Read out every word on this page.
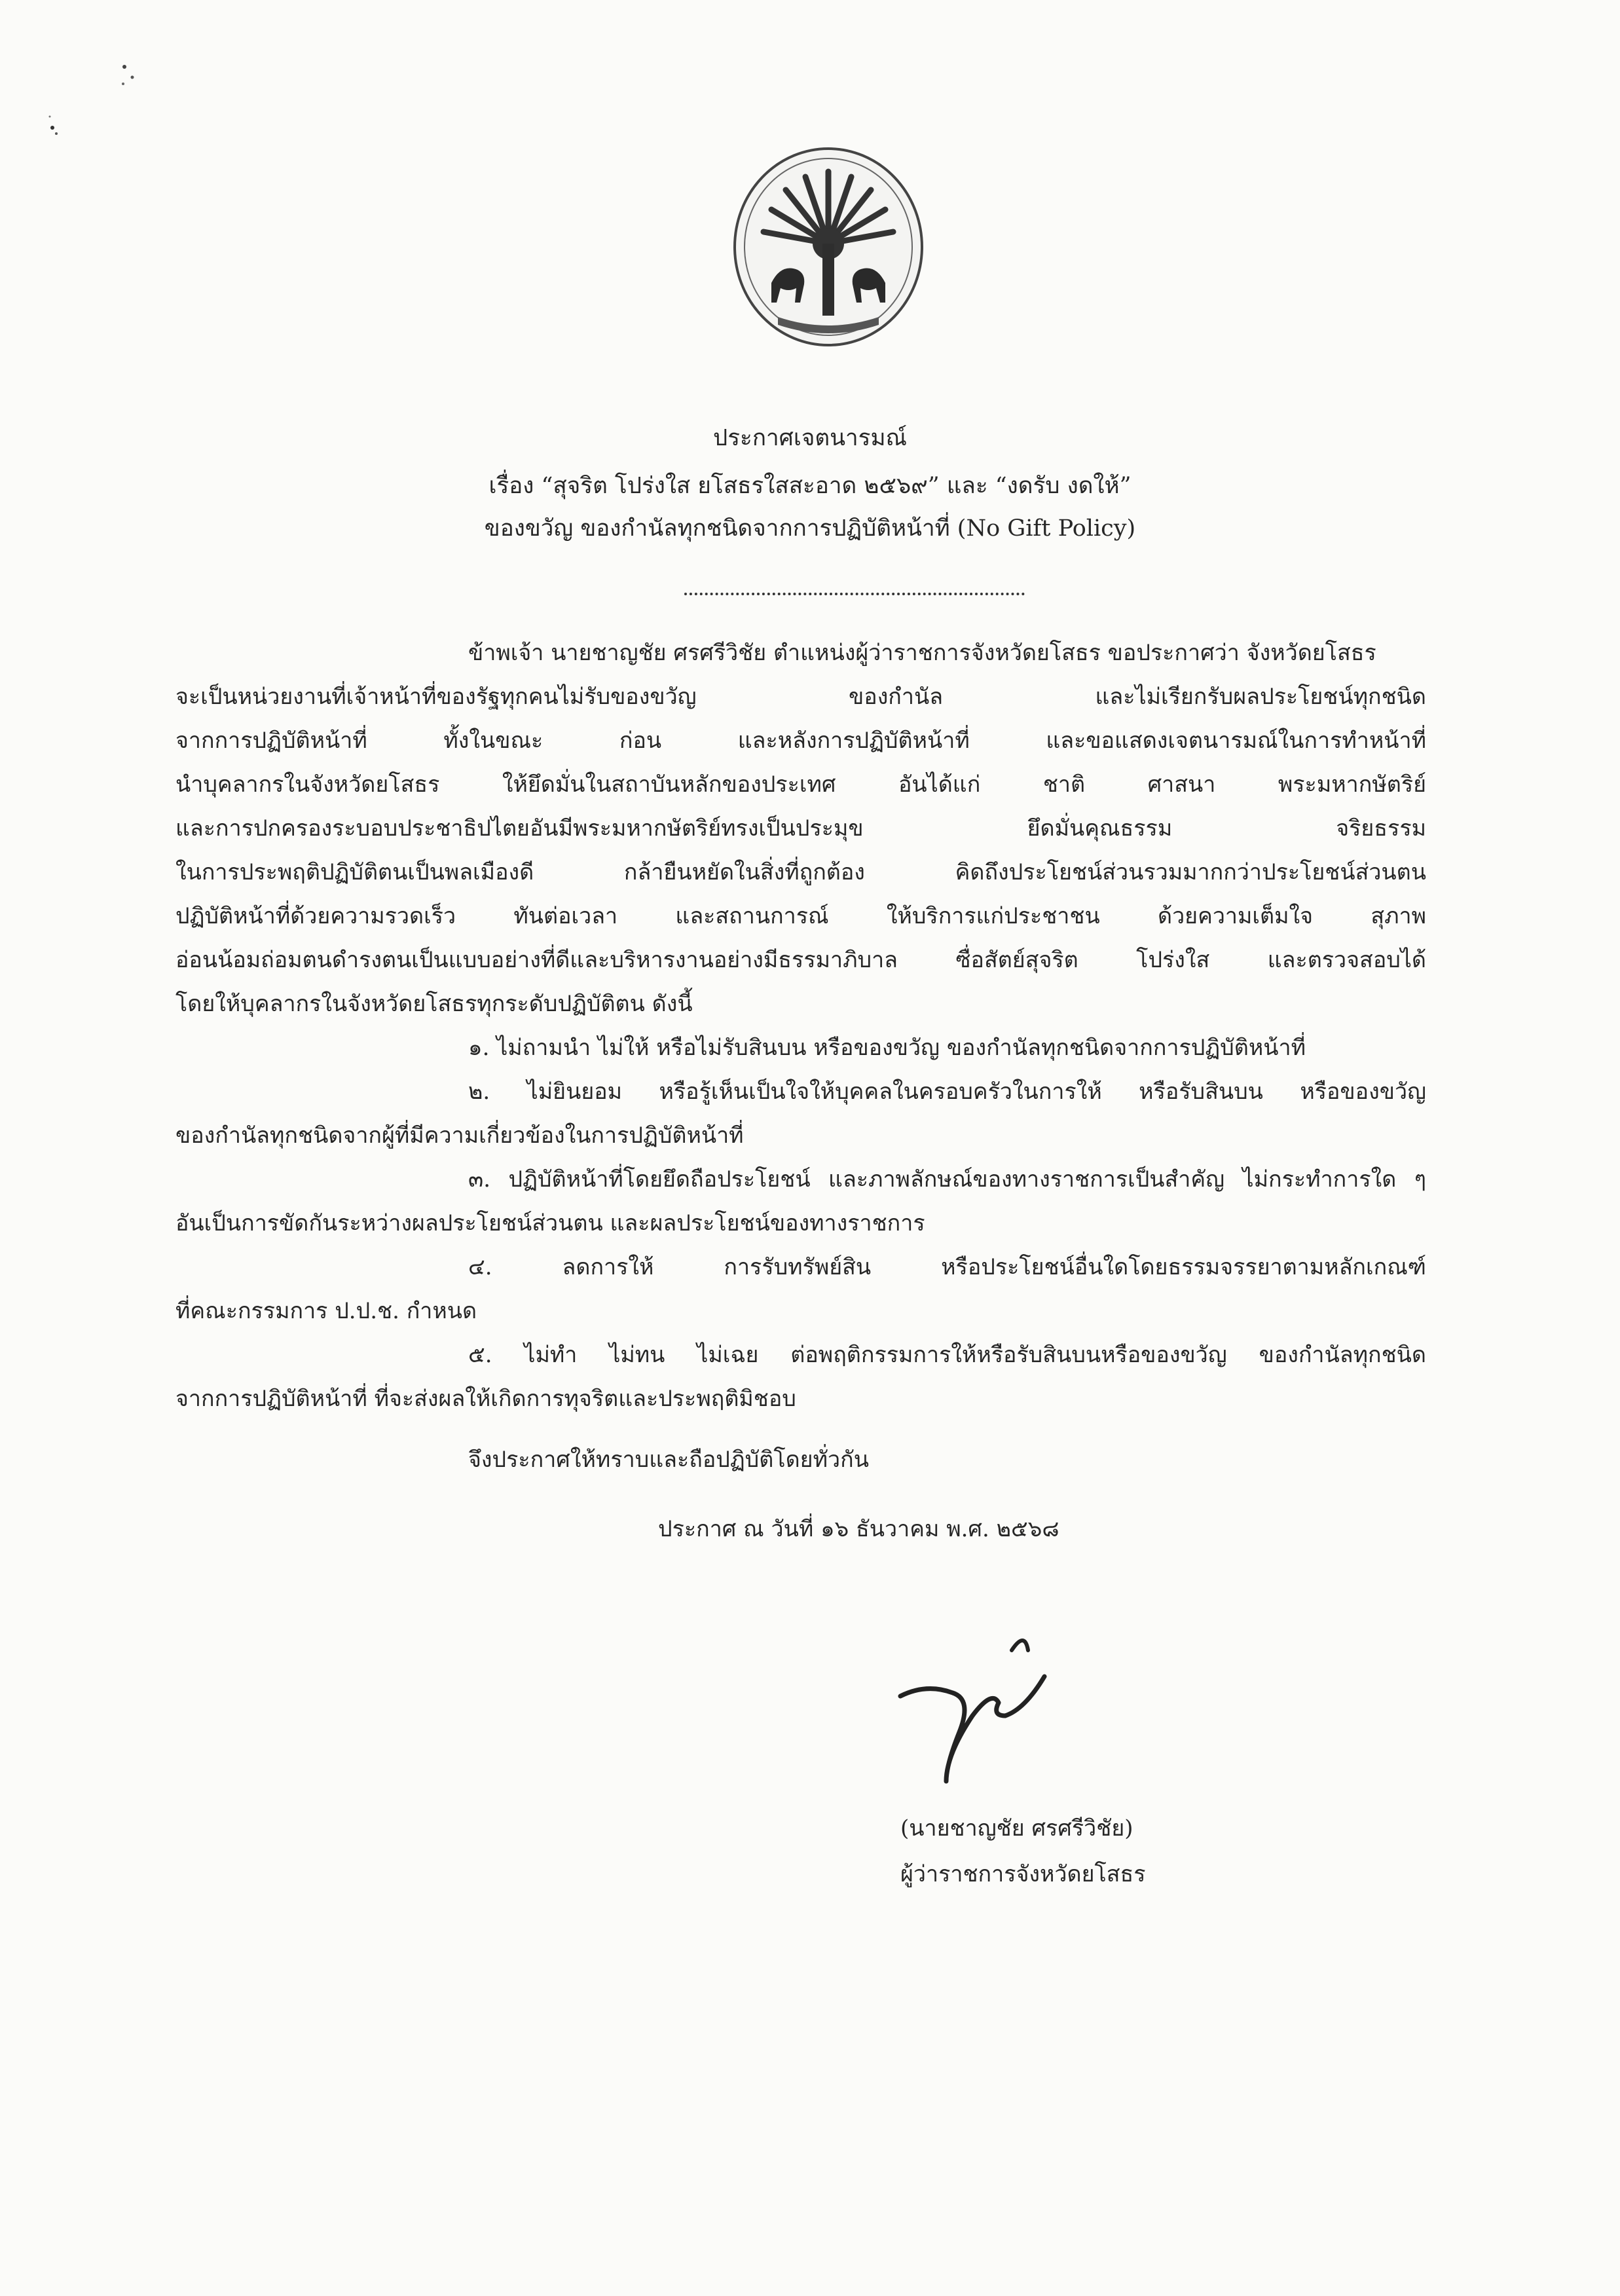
ประกาศเจตนารมณ์
เรื่อง “สุจริต โปร่งใส ยโสธรใสสะอาด ๒๕๖๙” และ “งดรับ งดให้”
ของขวัญ ของกำนัลทุกชนิดจากการปฏิบัติหน้าที่ (No Gift Policy)
ข้าพเจ้า นายชาญชัย ศรศรีวิชัย ตำแหน่งผู้ว่าราชการจังหวัดยโสธร ขอประกาศว่า จังหวัดยโสธร
จะเป็นหน่วยงานที่เจ้าหน้าที่ของรัฐทุกคนไม่รับของขวัญ ของกำนัล และไม่เรียกรับผลประโยชน์ทุกชนิด
จากการปฏิบัติหน้าที่ ทั้งในขณะ ก่อน และหลังการปฏิบัติหน้าที่ และขอแสดงเจตนารมณ์ในการทำหน้าที่
นำบุคลากรในจังหวัดยโสธร ให้ยึดมั่นในสถาบันหลักของประเทศ อันได้แก่ ชาติ ศาสนา พระมหากษัตริย์
และการปกครองระบอบประชาธิปไตยอันมีพระมหากษัตริย์ทรงเป็นประมุข ยึดมั่นคุณธรรม จริยธรรม
ในการประพฤติปฏิบัติตนเป็นพลเมืองดี กล้ายืนหยัดในสิ่งที่ถูกต้อง คิดถึงประโยชน์ส่วนรวมมากกว่าประโยชน์ส่วนตน
ปฏิบัติหน้าที่ด้วยความรวดเร็ว ทันต่อเวลา และสถานการณ์ ให้บริการแก่ประชาชน ด้วยความเต็มใจ สุภาพ
อ่อนน้อมถ่อมตนดำรงตนเป็นแบบอย่างที่ดีและบริหารงานอย่างมีธรรมาภิบาล ซื่อสัตย์สุจริต โปร่งใส และตรวจสอบได้
โดยให้บุคลากรในจังหวัดยโสธรทุกระดับปฏิบัติตน ดังนี้
๑. ไม่ถามนำ ไม่ให้ หรือไม่รับสินบน หรือของขวัญ ของกำนัลทุกชนิดจากการปฏิบัติหน้าที่
๒. ไม่ยินยอม หรือรู้เห็นเป็นใจให้บุคคลในครอบครัวในการให้ หรือรับสินบน หรือของขวัญ
ของกำนัลทุกชนิดจากผู้ที่มีความเกี่ยวข้องในการปฏิบัติหน้าที่
๓. ปฏิบัติหน้าที่โดยยึดถือประโยชน์ และภาพลักษณ์ของทางราชการเป็นสำคัญ ไม่กระทำการใด ๆ
อันเป็นการขัดกันระหว่างผลประโยชน์ส่วนตน และผลประโยชน์ของทางราชการ
๔. ลดการให้ การรับทรัพย์สิน หรือประโยชน์อื่นใดโดยธรรมจรรยาตามหลักเกณฑ์
ที่คณะกรรมการ ป.ป.ช. กำหนด
๕. ไม่ทำ ไม่ทน ไม่เฉย ต่อพฤติกรรมการให้หรือรับสินบนหรือของขวัญ ของกำนัลทุกชนิด
จากการปฏิบัติหน้าที่ ที่จะส่งผลให้เกิดการทุจริตและประพฤติมิชอบ
จึงประกาศให้ทราบและถือปฏิบัติโดยทั่วกัน
ประกาศ ณ วันที่ ๑๖ ธันวาคม พ.ศ. ๒๕๖๘
(นายชาญชัย ศรศรีวิชัย)
ผู้ว่าราชการจังหวัดยโสธร
